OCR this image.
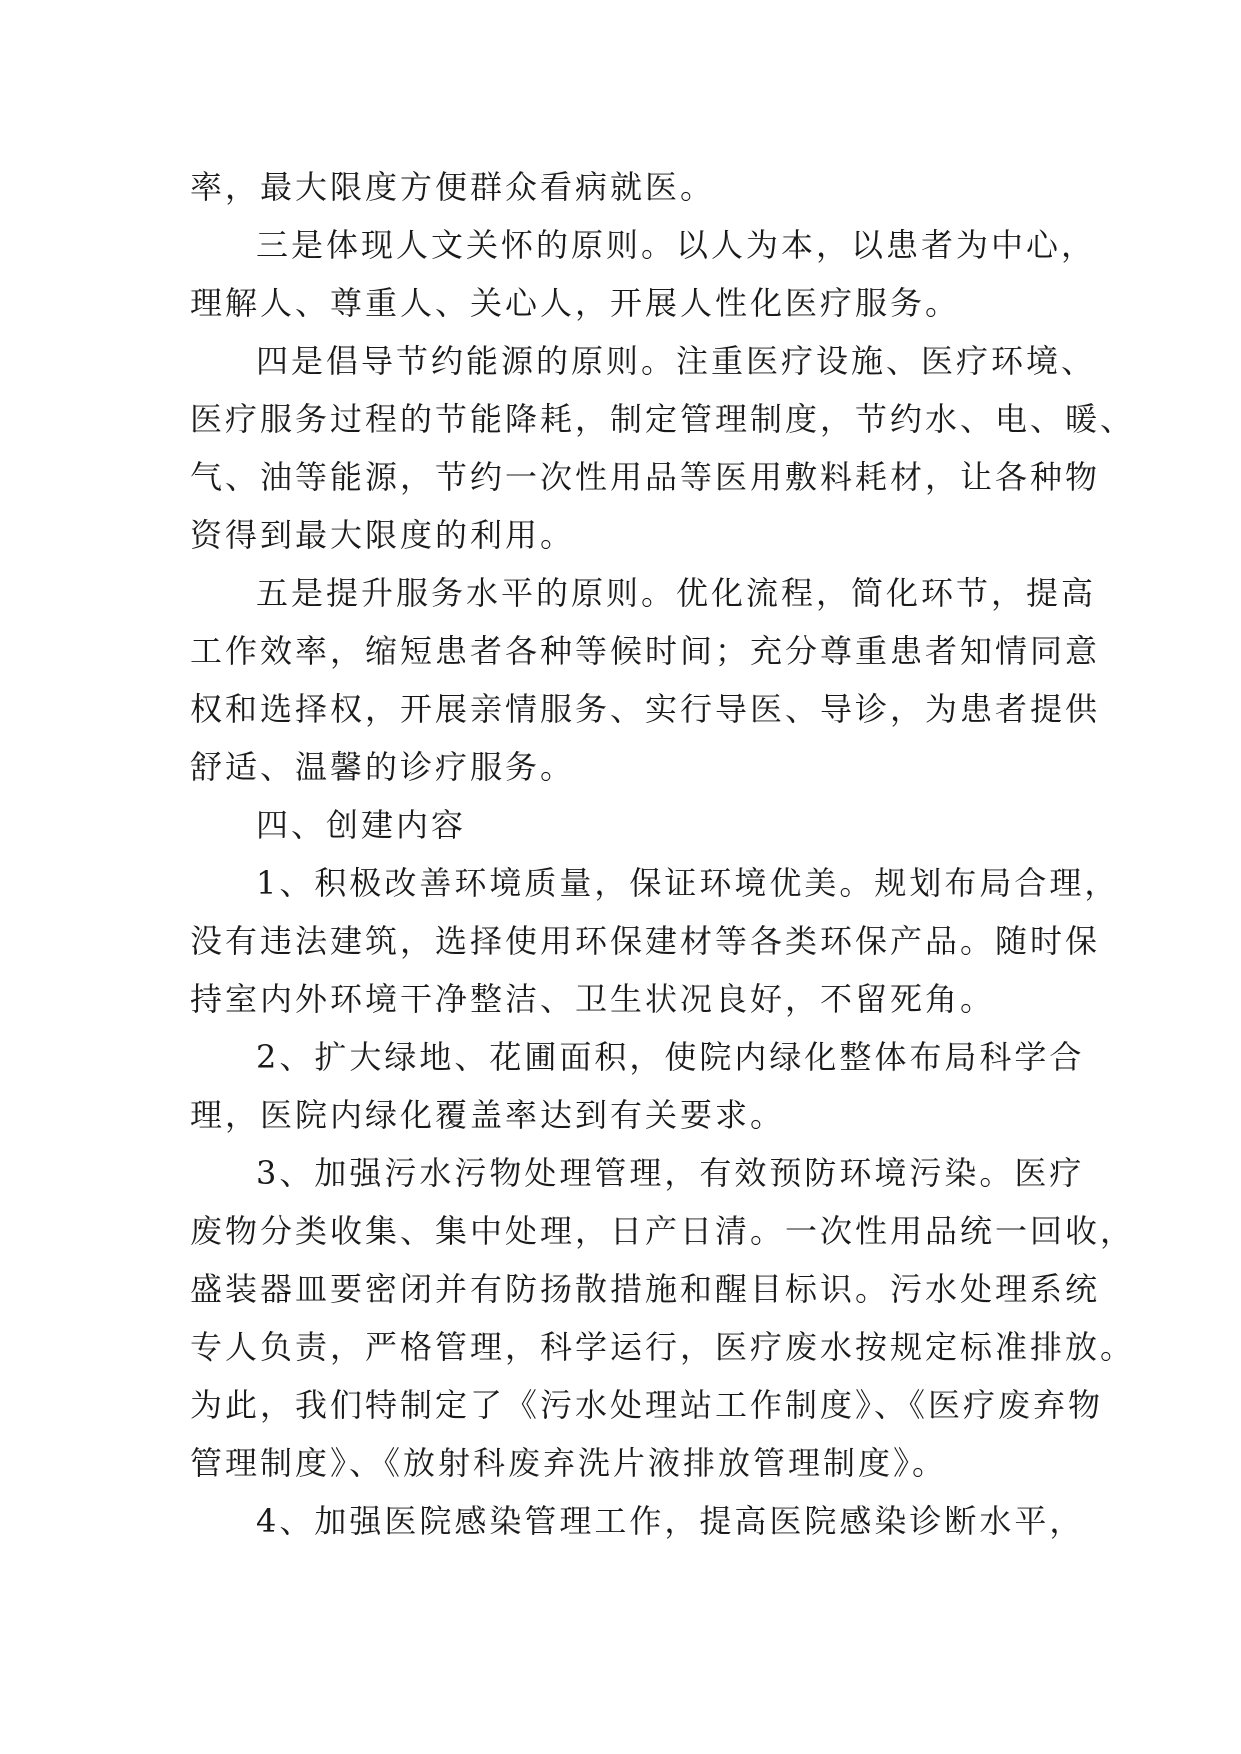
率，最大限度方便群众看病就医。
三是体现人文关怀的原则。以人为本，以患者为中心，
理解人、尊重人、关心人，开展人性化医疗服务。
四是倡导节约能源的原则。注重医疗设施、医疗环境、
医疗服务过程的节能降耗，制定管理制度，节约水、电、暖、
气、油等能源，节约一次性用品等医用敷料耗材，让各种物
资得到最大限度的利用。
五是提升服务水平的原则。优化流程，简化环节，提高
工作效率，缩短患者各种等候时间；充分尊重患者知情同意
权和选择权，开展亲情服务、实行导医、导诊，为患者提供
舒适、温馨的诊疗服务。
四、创建内容
1、积极改善环境质量，保证环境优美。规划布局合理，
没有违法建筑，选择使用环保建材等各类环保产品。随时保
持室内外环境干净整洁、卫生状况良好，不留死角。
2、扩大绿地、花圃面积，使院内绿化整体布局科学合
理，医院内绿化覆盖率达到有关要求。
3、加强污水污物处理管理，有效预防环境污染。医疗
废物分类收集、集中处理，日产日清。一次性用品统一回收，
盛装器皿要密闭并有防扬散措施和醒目标识。污水处理系统
专人负责，严格管理，科学运行，医疗废水按规定标准排放。
为此，我们特制定了《污水处理站工作制度》、《医疗废弃物
管理制度》、《放射科废弃洗片液排放管理制度》。
4、加强医院感染管理工作，提高医院感染诊断水平，
